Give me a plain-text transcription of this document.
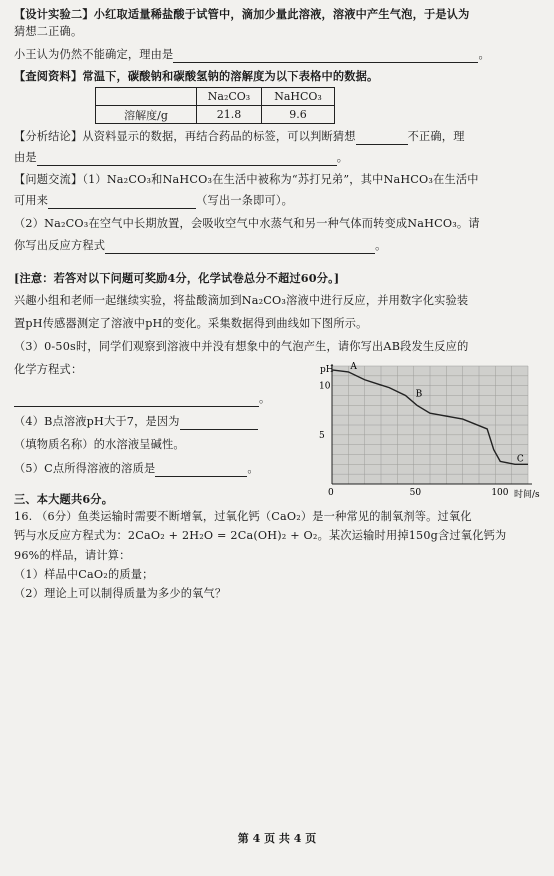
【设计实验二】小红取适量稀盐酸于试管中，滴加少量此溶液，溶液中产生气泡，于是认为
猜想二正确。
小王认为仍然不能确定，理由是	。
【查阅资料】常温下，碳酸钠和碳酸氢钠的溶解度为以下表格中的数据。
	Na₂CO₃	NaHCO₃
溶解度/g	21.8	9.6
【分析结论】从资料显示的数据，再结合药品的标签，可以判断猜想	不正确，理
由是	。
【问题交流】（1）Na₂CO₃和NaHCO₃在生活中被称为“苏打兄弟”，其中NaHCO₃在生活中
可用来	（写出一条即可）。
（2）Na₂CO₃在空气中长期放置，会吸收空气中水蒸气和另一种气体而转变成NaHCO₃。请
你写出反应方程式	。
[注意：若答对以下问题可奖励4分，化学试卷总分不超过60分。]
兴趣小组和老师一起继续实验，将盐酸滴加到Na₂CO₃溶液中进行反应，并用数字化实验装
置pH传感器测定了溶液中pH的变化。采集数据得到曲线如下图所示。
（3）0-50s时，同学们观察到溶液中并没有想象中的气泡产生，请你写出AB段发生反应的
化学方程式：
。
（4）B点溶液pH大于7，是因为
（填物质名称）的水溶液呈碱性。
（5）C点所得溶液的溶质是	。
0	50	100
5
10
A
B
C
pH
时间/s
三、本大题共6分。
16. （6分）鱼类运输时需要不断增氧，过氧化钙（CaO₂）是一种常见的制氧剂等。过氧化
钙与水反应方程式为：2CaO₂ + 2H₂O = 2Ca(OH)₂ + O₂。某次运输时用掉150g含过氧化钙为
96%的样品，请计算：
（1）样品中CaO₂的质量；
（2）理论上可以制得质量为多少的氧气？
第 4 页 共 4 页
